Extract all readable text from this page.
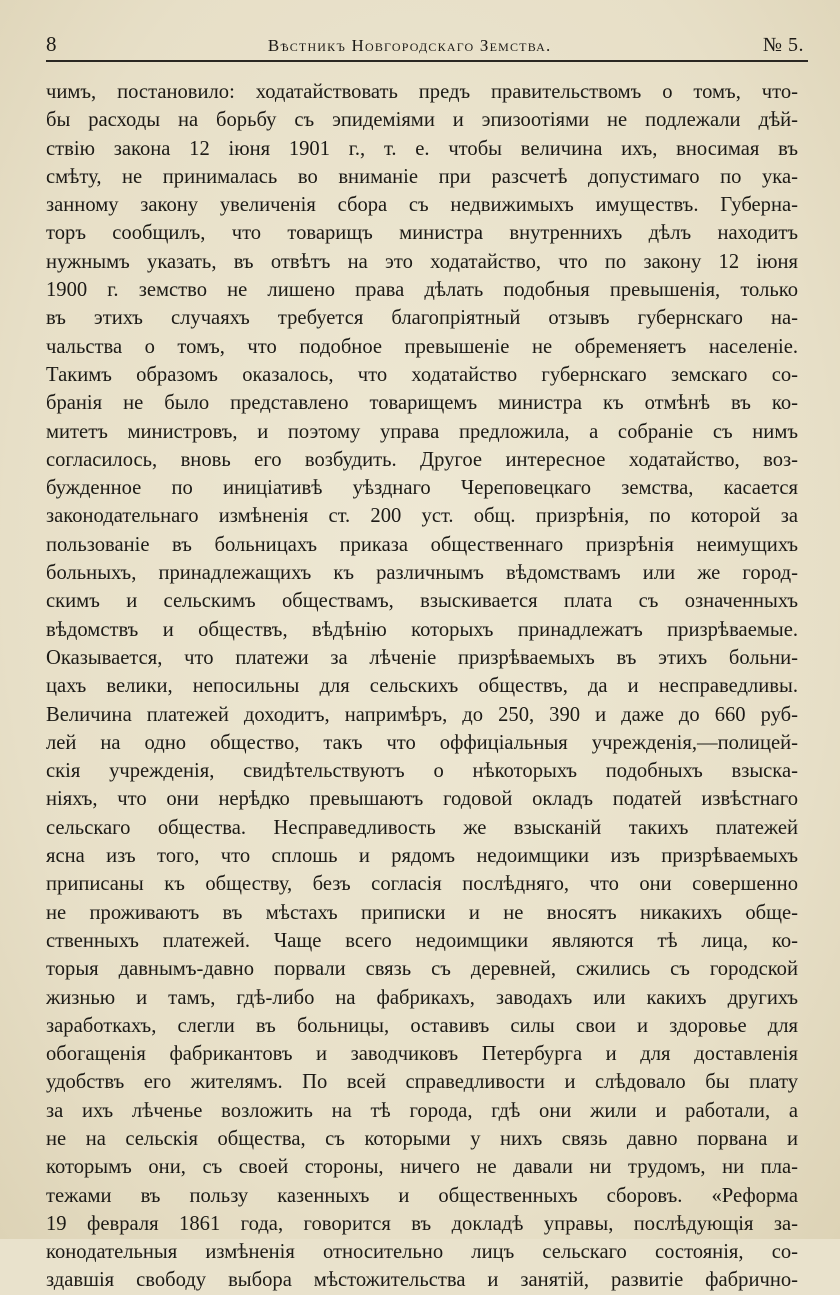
8	Вѣстникъ Новгородскаго Земства.	№ 5.
чимъ, постановило: ходатайствовать предъ правительствомъ о томъ, что-
бы расходы на борьбу съ эпидеміями и эпизоотіями не подлежали дѣй-
ствію закона 12 іюня 1901 г., т. е. чтобы величина ихъ, вносимая въ
смѣту, не принималась во вниманіе при разсчетѣ допустимаго по ука-
занному закону увеличенія сбора съ недвижимыхъ имуществъ. Губерна-
торъ сообщилъ, что товарищъ министра внутреннихъ дѣлъ находитъ
нужнымъ указать, въ отвѣтъ на это ходатайство, что по закону 12 іюня
1900 г. земство не лишено права дѣлать подобныя превышенія, только
въ этихъ случаяхъ требуется благопріятный отзывъ губернскаго на-
чальства о томъ, что подобное превышеніе не обременяетъ населеніе.
Такимъ образомъ оказалось, что ходатайство губернскаго земскаго со-
бранія не было представлено товарищемъ министра къ отмѣнѣ въ ко-
митетъ министровъ, и поэтому управа предложила, а собраніе съ нимъ
согласилось, вновь его возбудить. Другое интересное ходатайство, воз-
бужденное по иниціативѣ уѣзднаго Череповецкаго земства, касается
законодательнаго измѣненія ст. 200 уст. общ. призрѣнія, по которой за
пользованіе въ больницахъ приказа общественнаго призрѣнія неимущихъ
больныхъ, принадлежащихъ къ различнымъ вѣдомствамъ или же город-
скимъ и сельскимъ обществамъ, взыскивается плата съ означенныхъ
вѣдомствъ и обществъ, вѣдѣнію которыхъ принадлежатъ призрѣваемые.
Оказывается, что платежи за лѣченіе призрѣваемыхъ въ этихъ больни-
цахъ велики, непосильны для сельскихъ обществъ, да и несправедливы.
Величина платежей доходитъ, напримѣръ, до 250, 390 и даже до 660 руб-
лей на одно общество, такъ что оффиціальныя учрежденія,—полицей-
скія учрежденія, свидѣтельствуютъ о нѣкоторыхъ подобныхъ взыска-
ніяхъ, что они нерѣдко превышаютъ годовой окладъ податей извѣстнаго
сельскаго общества. Несправедливость же взысканій такихъ платежей
ясна изъ того, что сплошь и рядомъ недоимщики изъ призрѣваемыхъ
приписаны къ обществу, безъ согласія послѣдняго, что они совершенно
не проживаютъ въ мѣстахъ приписки и не вносятъ никакихъ обще-
ственныхъ платежей. Чаще всего недоимщики являются тѣ лица, ко-
торыя давнымъ-давно порвали связь съ деревней, сжились съ городской
жизнью и тамъ, гдѣ-либо на фабрикахъ, заводахъ или какихъ другихъ
заработкахъ, слегли въ больницы, оставивъ силы свои и здоровье для
обогащенія фабрикантовъ и заводчиковъ Петербурга и для доставленія
удобствъ его жителямъ. По всей справедливости и слѣдовало бы плату
за ихъ лѣченье возложить на тѣ города, гдѣ они жили и работали, а
не на сельскія общества, съ которыми у нихъ связь давно порвана и
которымъ они, съ своей стороны, ничего не давали ни трудомъ, ни пла-
тежами въ пользу казенныхъ и общественныхъ сборовъ. «Реформа
19 февраля 1861 года, говорится въ докладѣ управы, послѣдующія за-
конодательныя измѣненія относительно лицъ сельскаго состоянія, со-
здавшія свободу выбора мѣстожительства и занятій, развитіе фабрично-
